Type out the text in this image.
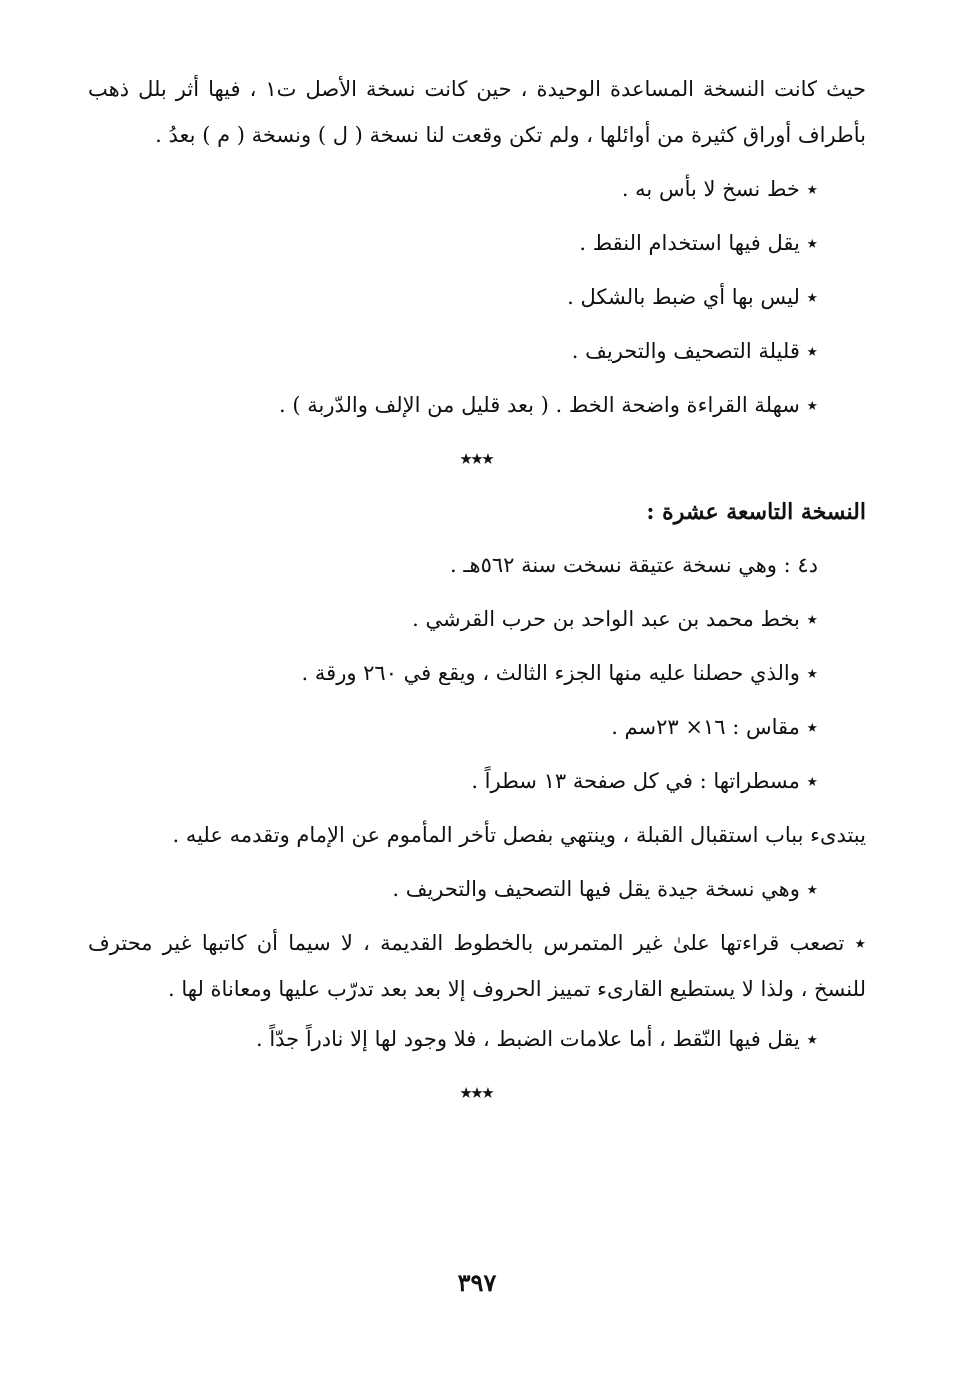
حيث كانت النسخة المساعدة الوحيدة ، حين كانت نسخة الأصل ت١ ، فيها أثر بلل ذهب بأطراف أوراق كثيرة من أوائلها ، ولم تكن وقعت لنا نسخة ( ل ) ونسخة ( م ) بعدُ .

٭ خط نسخ لا بأس به .

٭ يقل فيها استخدام النقط .

٭ ليس بها أي ضبط بالشكل .

٭ قليلة التصحيف والتحريف .

٭ سهلة القراءة واضحة الخط . ( بعد قليل من الإلف والدّربة ) .

٭٭٭
النسخة التاسعة عشرة :

د٤ : وهي نسخة عتيقة نسخت سنة ٥٦٢هـ .

٭ بخط محمد بن عبد الواحد بن حرب القرشي .

٭ والذي حصلنا عليه منها الجزء الثالث ، ويقع في ٢٦٠ ورقة .

٭ مقاس : ١٦× ٢٣سم .

٭ مسطراتها : في كل صفحة ١٣ سطراً .

يبتدىء بباب استقبال القبلة ، وينتهي بفصل تأخر المأموم عن الإمام وتقدمه عليه .

٭ وهي نسخة جيدة يقل فيها التصحيف والتحريف .

٭ تصعب قراءتها علىٰ غير المتمرس بالخطوط القديمة ، لا سيما أن كاتبها غير محترف للنسخ ، ولذا لا يستطيع القارىء تمييز الحروف إلا بعد بعد تدرّب عليها ومعاناة لها .

٭ يقل فيها النّقط ، أما علامات الضبط ، فلا وجود لها إلا نادراً جدّاً .

٭٭٭
٣٩٧
